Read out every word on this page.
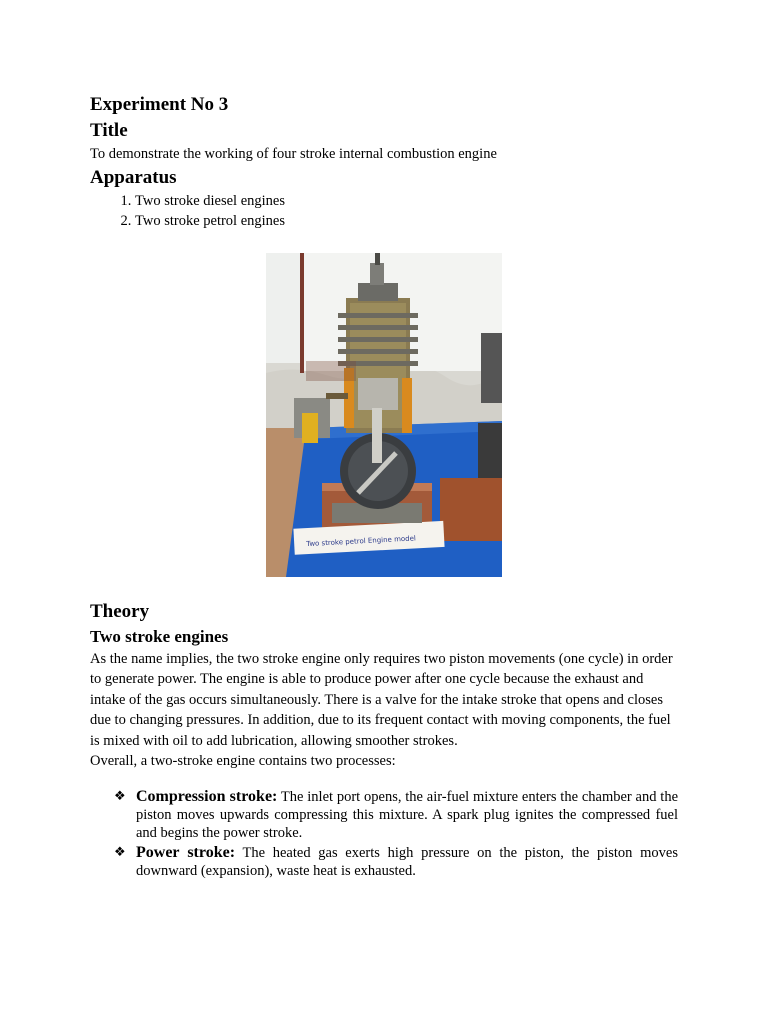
Experiment No 3
Title

To demonstrate the working of four stroke internal combustion engine

Apparatus
1. Two stroke diesel engines
2. Two stroke petrol engines
Two stroke petrol Engine model
Theory
Two stroke engines

As the name implies, the two stroke engine only requires two piston movements (one cycle) in order to generate power. The engine is able to produce power after one cycle because the exhaust and intake of the gas occurs simultaneously. There is a valve for the intake stroke that opens and closes due to changing pressures. In addition, due to its frequent contact with moving components, the fuel is mixed with oil to add lubrication, allowing smoother strokes.

Overall, a two-stroke engine contains two processes:

❖ Compression stroke: The inlet port opens, the air-fuel mixture enters the chamber and the piston moves upwards compressing this mixture. A spark plug ignites the compressed fuel and begins the power stroke.
❖ Power stroke: The heated gas exerts high pressure on the piston, the piston moves downward (expansion), waste heat is exhausted.
